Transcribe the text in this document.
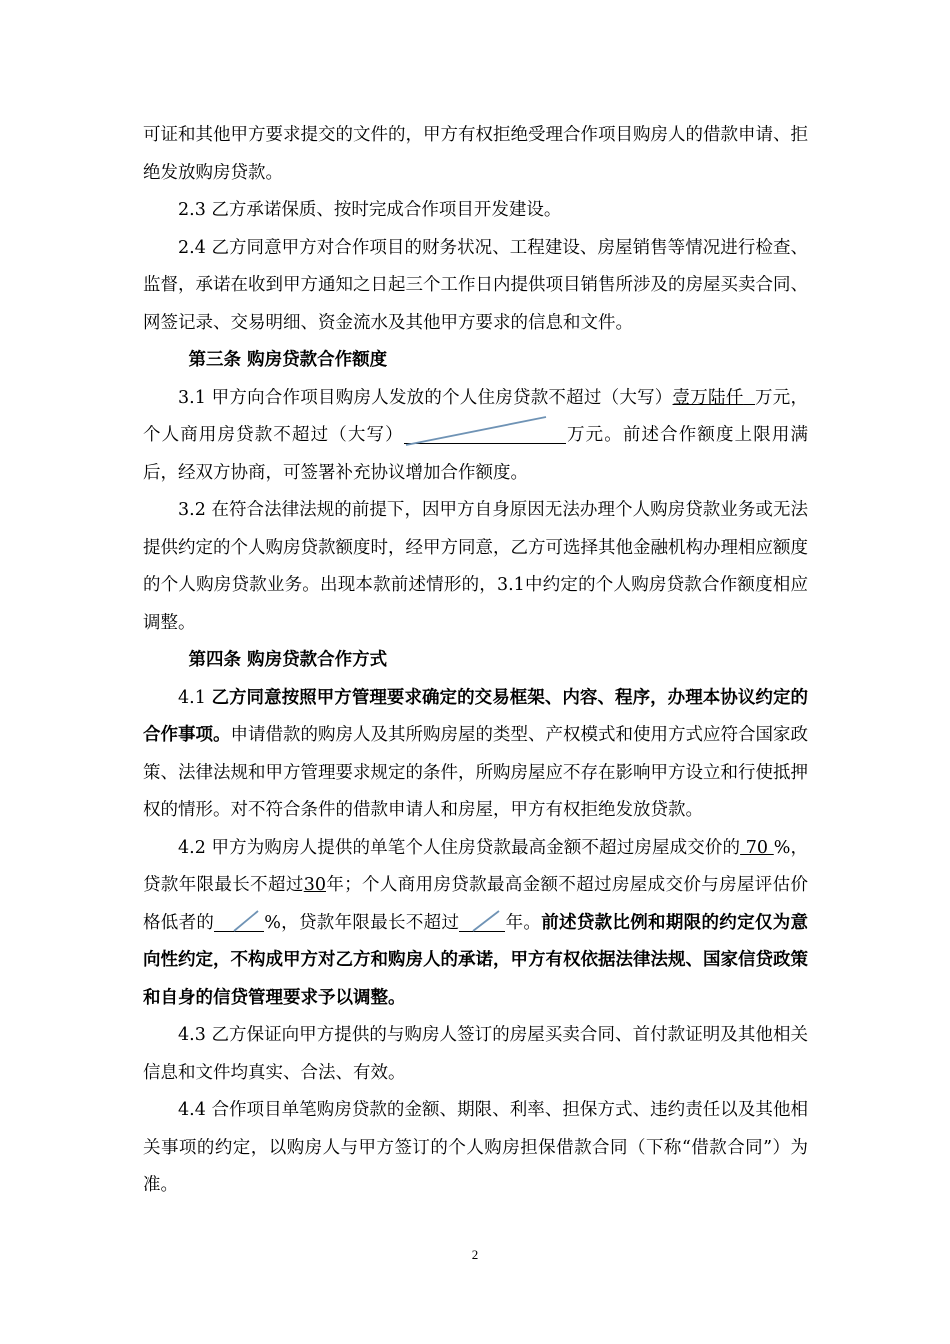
可证和其他甲方要求提交的文件的，甲方有权拒绝受理合作项目购房人的借款申请、拒绝发放购房贷款。

2.3 乙方承诺保质、按时完成合作项目开发建设。

2.4 乙方同意甲方对合作项目的财务状况、工程建设、房屋销售等情况进行检查、监督，承诺在收到甲方通知之日起三个工作日内提供项目销售所涉及的房屋买卖合同、网签记录、交易明细、资金流水及其他甲方要求的信息和文件。

第三条 购房贷款合作额度

3.1 甲方向合作项目购房人发放的个人住房贷款不超过（大写）壹万陆仟 万元，个人商用房贷款不超过（大写）	万元。前述合作额度上限用满后，经双方协商，可签署补充协议增加合作额度。

3.2 在符合法律法规的前提下，因甲方自身原因无法办理个人购房贷款业务或无法提供约定的个人购房贷款额度时，经甲方同意，乙方可选择其他金融机构办理相应额度的个人购房贷款业务。出现本款前述情形的，3.1中约定的个人购房贷款合作额度相应调整。

第四条 购房贷款合作方式

4.1 乙方同意按照甲方管理要求确定的交易框架、内容、程序，办理本协议约定的合作事项。申请借款的购房人及其所购房屋的类型、产权模式和使用方式应符合国家政策、法律法规和甲方管理要求规定的条件，所购房屋应不存在影响甲方设立和行使抵押权的情形。对不符合条件的借款申请人和房屋，甲方有权拒绝发放贷款。

4.2 甲方为购房人提供的单笔个人住房贷款最高金额不超过房屋成交价的 70 %，贷款年限最长不超过30年；个人商用房贷款最高金额不超过房屋成交价与房屋评估价格低者的	%，贷款年限最长不超过	年。前述贷款比例和期限的约定仅为意向性约定，不构成甲方对乙方和购房人的承诺，甲方有权依据法律法规、国家信贷政策和自身的信贷管理要求予以调整。

4.3 乙方保证向甲方提供的与购房人签订的房屋买卖合同、首付款证明及其他相关信息和文件均真实、合法、有效。

4.4 合作项目单笔购房贷款的金额、期限、利率、担保方式、违约责任以及其他相关事项的约定，以购房人与甲方签订的个人购房担保借款合同（下称“借款合同”）为准。

2
